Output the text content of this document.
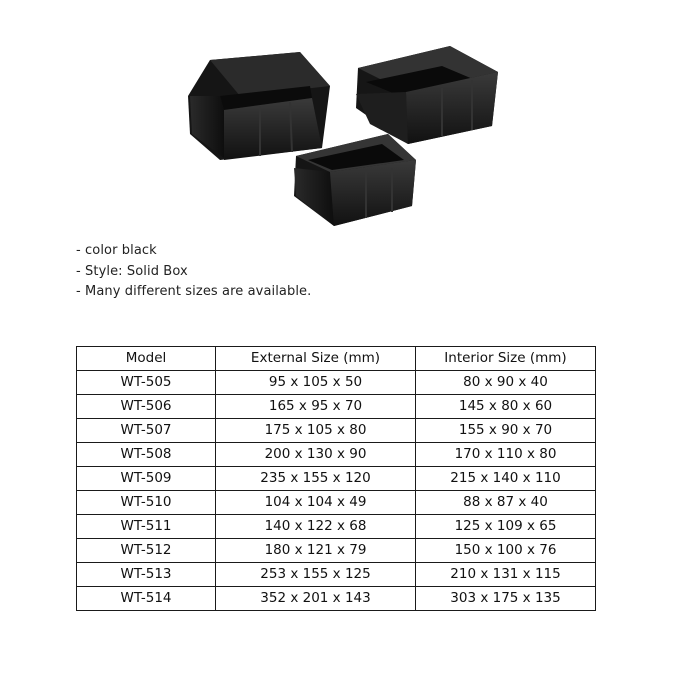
- color black
- Style: Solid Box
- Many different sizes are available.
Model	External Size (mm)	Interior Size (mm)
WT-505	95 x 105 x 50	80 x 90 x 40
WT-506	165 x 95 x 70	145 x 80 x 60
WT-507	175 x 105 x 80	155 x 90 x 70
WT-508	200 x 130 x 90	170 x 110 x 80
WT-509	235 x 155 x 120	215 x 140 x 110
WT-510	104 x 104 x 49	88 x 87 x 40
WT-511	140 x 122 x 68	125 x 109 x 65
WT-512	180 x 121 x 79	150 x 100 x 76
WT-513	253 x 155 x 125	210 x 131 x 115
WT-514	352 x 201 x 143	303 x 175 x 135
